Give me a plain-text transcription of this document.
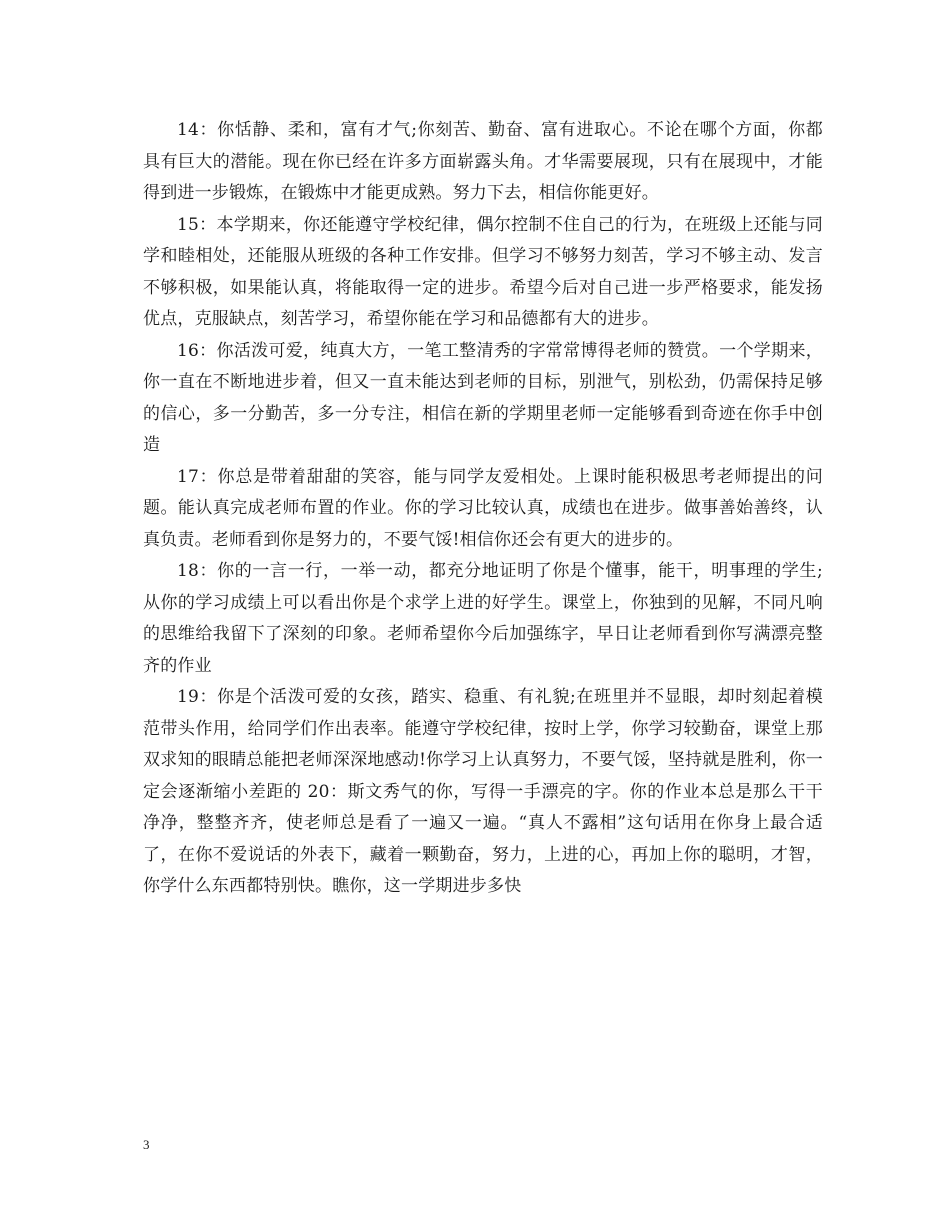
14：你恬静、柔和，富有才气;你刻苦、勤奋、富有进取心。不论在哪个方面，你都具有巨大的潜能。现在你已经在许多方面崭露头角。才华需要展现，只有在展现中，才能得到进一步锻炼，在锻炼中才能更成熟。努力下去，相信你能更好。

15：本学期来，你还能遵守学校纪律，偶尔控制不住自己的行为，在班级上还能与同学和睦相处，还能服从班级的各种工作安排。但学习不够努力刻苦，学习不够主动、发言不够积极，如果能认真，将能取得一定的进步。希望今后对自己进一步严格要求，能发扬优点，克服缺点，刻苦学习，希望你能在学习和品德都有大的进步。

16：你活泼可爱，纯真大方，一笔工整清秀的字常常博得老师的赞赏。一个学期来，你一直在不断地进步着，但又一直未能达到老师的目标，别泄气，别松劲，仍需保持足够的信心，多一分勤苦，多一分专注，相信在新的学期里老师一定能够看到奇迹在你手中创造

17：你总是带着甜甜的笑容，能与同学友爱相处。上课时能积极思考老师提出的问题。能认真完成老师布置的作业。你的学习比较认真，成绩也在进步。做事善始善终，认真负责。老师看到你是努力的，不要气馁!相信你还会有更大的进步的。

18：你的一言一行，一举一动，都充分地证明了你是个懂事，能干，明事理的学生;从你的学习成绩上可以看出你是个求学上进的好学生。课堂上，你独到的见解，不同凡响的思维给我留下了深刻的印象。老师希望你今后加强练字，早日让老师看到你写满漂亮整齐的作业

19：你是个活泼可爱的女孩，踏实、稳重、有礼貌;在班里并不显眼，却时刻起着模范带头作用，给同学们作出表率。能遵守学校纪律，按时上学，你学习较勤奋，课堂上那双求知的眼睛总能把老师深深地感动!你学习上认真努力，不要气馁，坚持就是胜利，你一定会逐渐缩小差距的 20：斯文秀气的你，写得一手漂亮的字。你的作业本总是那么干干净净，整整齐齐，使老师总是看了一遍又一遍。“真人不露相”这句话用在你身上最合适了，在你不爱说话的外表下，藏着一颗勤奋，努力，上进的心，再加上你的聪明，才智，你学什么东西都特别快。瞧你，这一学期进步多快

3
